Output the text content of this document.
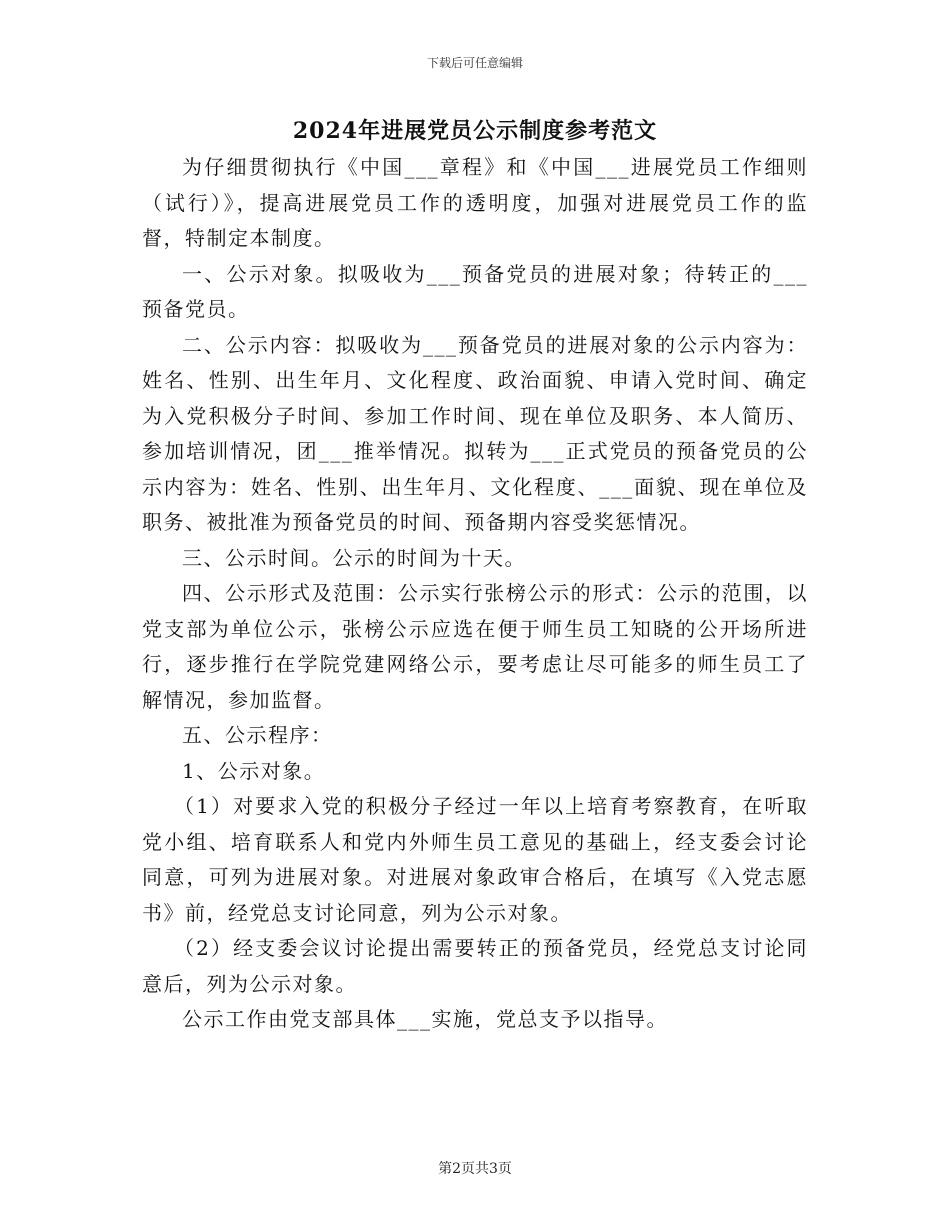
下载后可任意编辑
2024年进展党员公示制度参考范文

为仔细贯彻执行《中国___章程》和《中国___进展党员工作细则（试行）》，提高进展党员工作的透明度，加强对进展党员工作的监督，特制定本制度。

一、公示对象。拟吸收为___预备党员的进展对象；待转正的___预备党员。

二、公示内容：拟吸收为___预备党员的进展对象的公示内容为：姓名、性别、出生年月、文化程度、政治面貌、申请入党时间、确定为入党积极分子时间、参加工作时间、现在单位及职务、本人简历、参加培训情况，团___推举情况。拟转为___正式党员的预备党员的公示内容为：姓名、性别、出生年月、文化程度、___面貌、现在单位及职务、被批准为预备党员的时间、预备期内容受奖惩情况。

三、公示时间。公示的时间为十天。

四、公示形式及范围：公示实行张榜公示的形式：公示的范围，以党支部为单位公示，张榜公示应选在便于师生员工知晓的公开场所进行，逐步推行在学院党建网络公示，要考虑让尽可能多的师生员工了解情况，参加监督。

五、公示程序：

1、公示对象。

（1）对要求入党的积极分子经过一年以上培育考察教育，在听取党小组、培育联系人和党内外师生员工意见的基础上，经支委会讨论同意，可列为进展对象。对进展对象政审合格后，在填写《入党志愿书》前，经党总支讨论同意，列为公示对象。

（2）经支委会议讨论提出需要转正的预备党员，经党总支讨论同意后，列为公示对象。

公示工作由党支部具体___实施，党总支予以指导。

第2页共3页
